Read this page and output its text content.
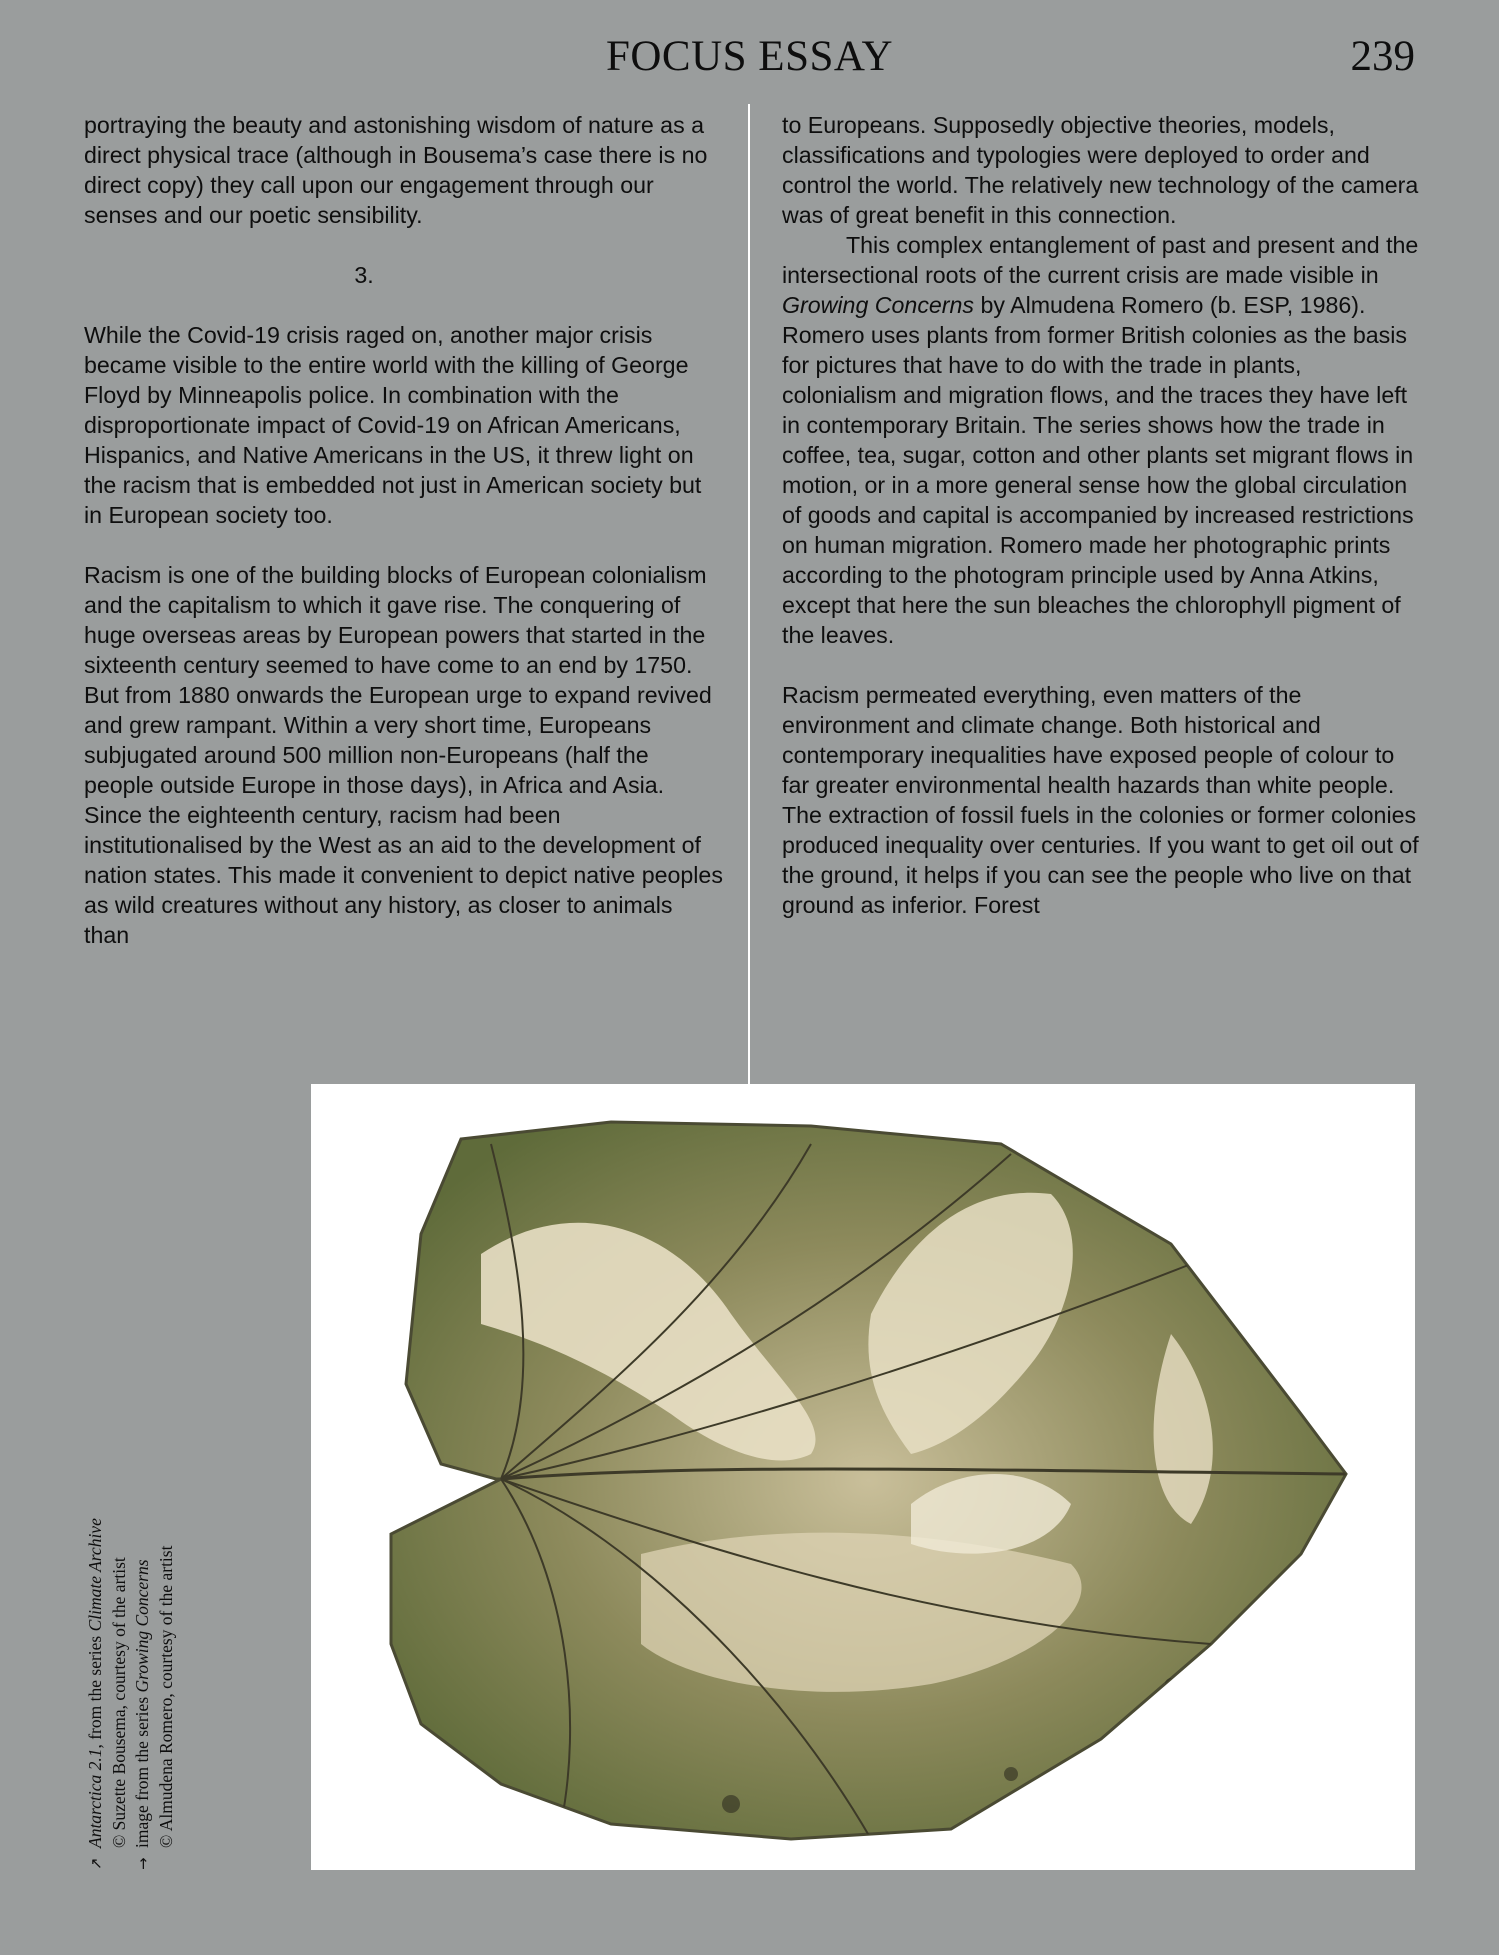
FOCUS ESSAY	239

portraying the beauty and astonishing wisdom of nature as a direct physical trace (although in Bousema’s case there is no direct copy) they call upon our engagement through our senses and our poetic sensibility.

3.

While the Covid-19 crisis raged on, another major crisis became visible to the entire world with the killing of George Floyd by Minneapolis police. In combination with the disproportionate impact of Covid-19 on African Americans, Hispanics, and Native Americans in the US, it threw light on the racism that is embedded not just in American society but in European society too.

Racism is one of the building blocks of European colonialism and the capitalism to which it gave rise. The conquering of huge overseas areas by European powers that started in the sixteenth century seemed to have come to an end by 1750. But from 1880 onwards the European urge to expand revived and grew rampant. Within a very short time, Europeans subjugated around 500 million non-Europeans (half the people outside Europe in those days), in Africa and Asia. Since the eighteenth century, racism had been institutionalised by the West as an aid to the development of nation states. This made it convenient to depict native peoples as wild creatures without any history, as closer to animals than

to Europeans. Supposedly objective theories, models, classifications and typologies were deployed to order and control the world. The relatively new technology of the camera was of great benefit in this connection.

This complex entanglement of past and present and the intersectional roots of the current crisis are made visible in Growing Concerns by Almudena Romero (b. ESP, 1986). Romero uses plants from former British colonies as the basis for pictures that have to do with the trade in plants, colonialism and migration flows, and the traces they have left in contemporary Britain. The series shows how the trade in coffee, tea, sugar, cotton and other plants set migrant flows in motion, or in a more general sense how the global circulation of goods and capital is accompanied by increased restrictions on human migration. Romero made her photographic prints according to the photogram principle used by Anna Atkins, except that here the sun bleaches the chlorophyll pigment of the leaves.

Racism permeated everything, even matters of the environment and climate change. Both historical and contemporary inequalities have exposed people of colour to far greater environmental health hazards than white people. The extraction of fossil fuels in the colonies or former colonies produced inequality over centuries. If you want to get oil out of the ground, it helps if you can see the people who live on that ground as inferior. Forest

↗Antarctica 2.1, from the series Climate Archive © Suzette Bousema, courtesy of the artist
→image from the series Growing Concerns © Almudena Romero, courtesy of the artist
